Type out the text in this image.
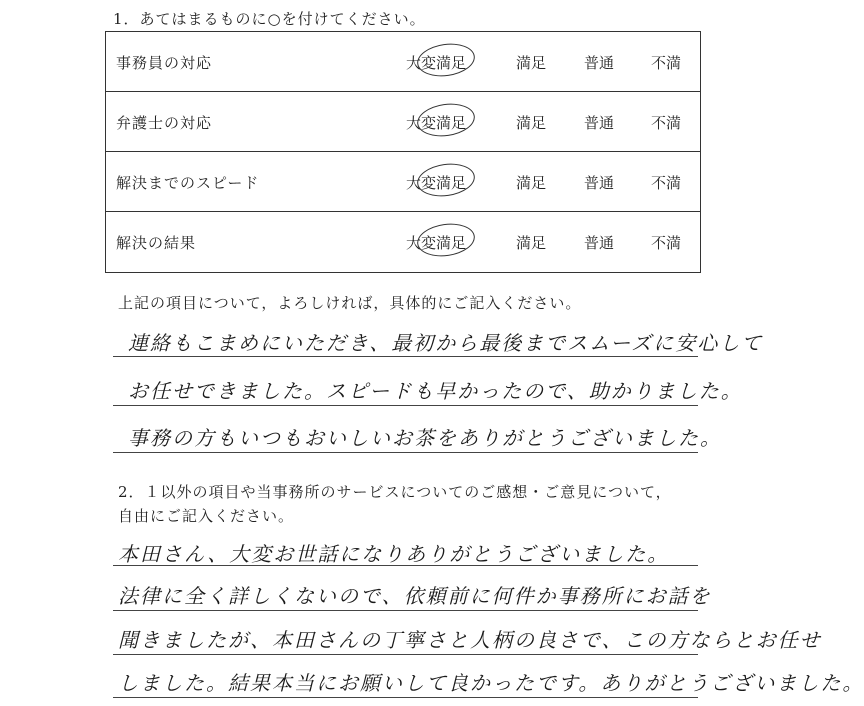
1．あてはまるものに○を付けてください。
事務員の対応	大変満足	満足	普通	不満
弁護士の対応	大変満足	満足	普通	不満
解決までのスピード	大変満足	満足	普通	不満
解決の結果	大変満足	満足	普通	不満
上記の項目について，よろしければ，具体的にご記入ください。
連絡もこまめにいただき、最初から最後までスムーズに安心して
お任せできました。スピードも早かったので、助かりました。
事務の方もいつもおいしいお茶をありがとうございました。
2．１以外の項目や当事務所のサービスについてのご感想・ご意見について，
自由にご記入ください。
本田さん、大変お世話になりありがとうございました。
法律に全く詳しくないので、依頼前に何件か事務所にお話を
聞きましたが、本田さんの丁寧さと人柄の良さで、この方ならとお任せ
しました。結果本当にお願いして良かったです。ありがとうございました。
